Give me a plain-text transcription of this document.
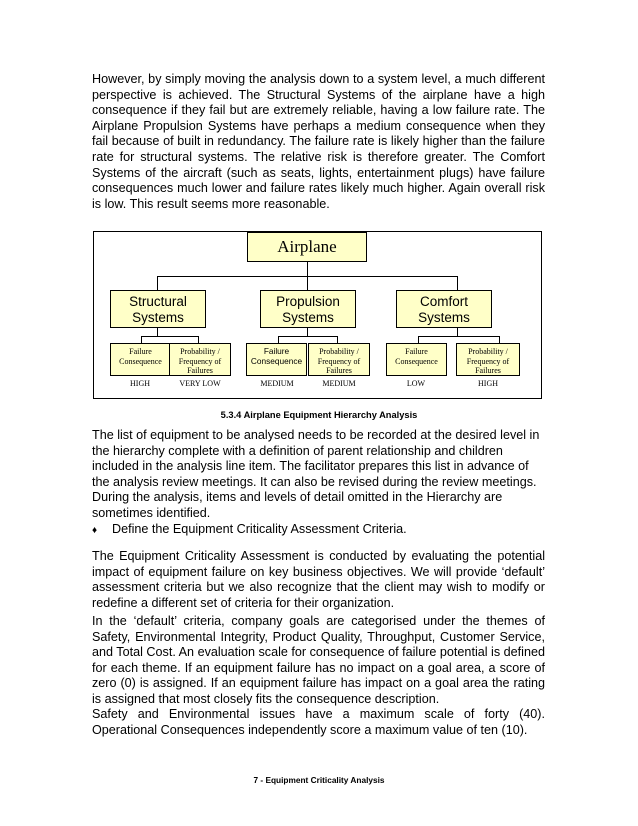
However, by simply moving the analysis down to a system level, a much different perspective is achieved. The Structural Systems of the airplane have a high consequence if they fail but are extremely reliable, having a low failure rate. The Airplane Propulsion Systems have perhaps a medium consequence when they fail because of built in redundancy. The failure rate is likely higher than the failure rate for structural systems. The relative risk is therefore greater. The Comfort Systems of the aircraft (such as seats, lights, entertainment plugs) have failure consequences much lower and failure rates likely much higher. Again overall risk is low. This result seems more reasonable.

Airplane
Structural
Systems
Propulsion
Systems
Comfort
Systems
Failure
Consequence
Probability /
Frequency of
Failures
Failure
Consequence
Probability /
Frequency of
Failures
Failure
Consequence
Probability /
Frequency of
Failures
HIGH	VERY LOW	MEDIUM	MEDIUM	LOW	HIGH
5.3.4 Airplane Equipment Hierarchy Analysis

The list of equipment to be analysed needs to be recorded at the desired level in the hierarchy complete with a definition of parent relationship and children included in the analysis line item. The facilitator prepares this list in advance of the analysis review meetings. It can also be revised during the review meetings. During the analysis, items and levels of detail omitted in the Hierarchy are sometimes identified.

♦ Define the Equipment Criticality Assessment Criteria.

The Equipment Criticality Assessment is conducted by evaluating the potential impact of equipment failure on key business objectives. We will provide ‘default’ assessment criteria but we also recognize that the client may wish to modify or redefine a different set of criteria for their organization.

In the ‘default’ criteria, company goals are categorised under the themes of Safety, Environmental Integrity, Product Quality, Throughput, Customer Service, and Total Cost. An evaluation scale for consequence of failure potential is defined for each theme. If an equipment failure has no impact on a goal area, a score of zero (0) is assigned. If an equipment failure has impact on a goal area the rating is assigned that most closely fits the consequence description.

Safety and Environmental issues have a maximum scale of forty (40). Operational Consequences independently score a maximum value of ten (10).

7 - Equipment Criticality Analysis
